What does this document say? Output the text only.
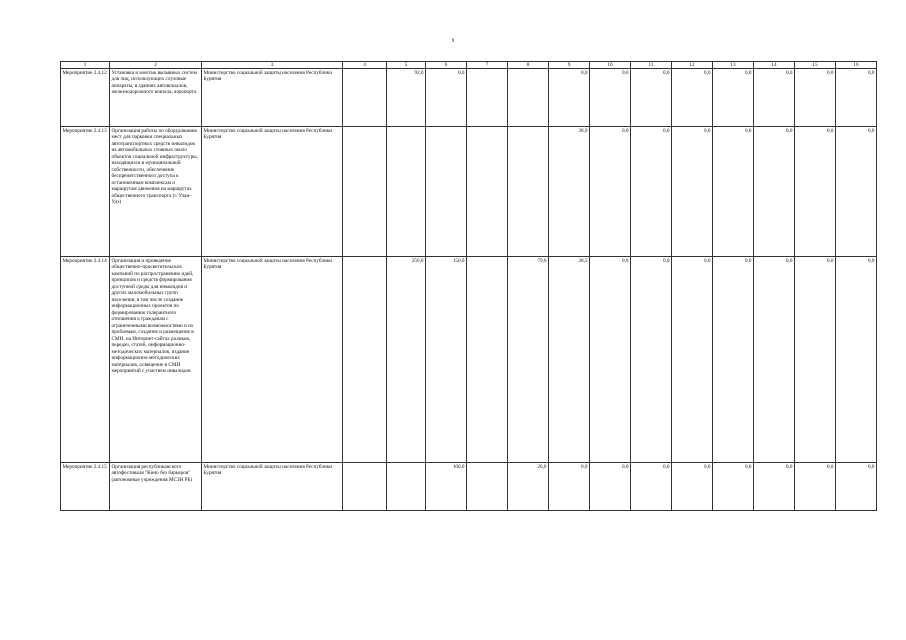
9
1	2	3	4	5	6	7	8	9	10	11	12	13	14	15	16
Мероприятие 2.4.12	Установка и монтаж вызывных систем для лиц, использующих слуховые аппараты, в зданиях автовокзалов, железнодорожного вокзала, аэропорта	Министерство социальной защиты населения Республики Бурятия		92,0	0,0			0,0	0,0	0,0	0,0	0,0	0,0	0,0	0,0
Мероприятие 2.4.13	Организация работы по оборудованию мест для парковки специальных автотранспортных средств инвалидов на автомобильных стоянках около объектов социальной инфраструктуры, находящихся в муниципальной собственности, обеспечение беспрепятственного доступа к остановочным комплексам и маршрутам движения на маршрутах общественного транспорта (г. Улан-Удэ)	Министерство социальной защиты населения Республики Бурятия						38,9	0,0	0,0	0,0	0,0	0,0	0,0	0,0
Мероприятие 2.4.14	Организация и проведение общественно-просветительских кампаний по распространению идей, принципов и средств формирования доступной среды для инвалидов и других маломобильных групп населения, в том числе создание информационных проектов по формированию толерантного отношения к гражданам с ограниченными возможностями и их проблемам, создание и размещение в СМИ, на Интернет-сайтах роликов, передач, статей, информационно-методических материалов, издание информационно-методических материалов, освещение в СМИ мероприятий с участием инвалидов	Министерство социальной защиты населения Республики Бурятия		256,0	150,0		79,6	38,5	0,0	0,0	0,0	0,0	0,0	0,0	0,0
Мероприятие 2.4.15	Организация республиканского автофестиваля "Кино без барьеров" (автономные учреждения МСЗН РБ)	Министерство социальной защиты населения Республики Бурятия			100,0		20,0	0,0	0,0	0,0	0,0	0,0	0,0	0,0	0,0
